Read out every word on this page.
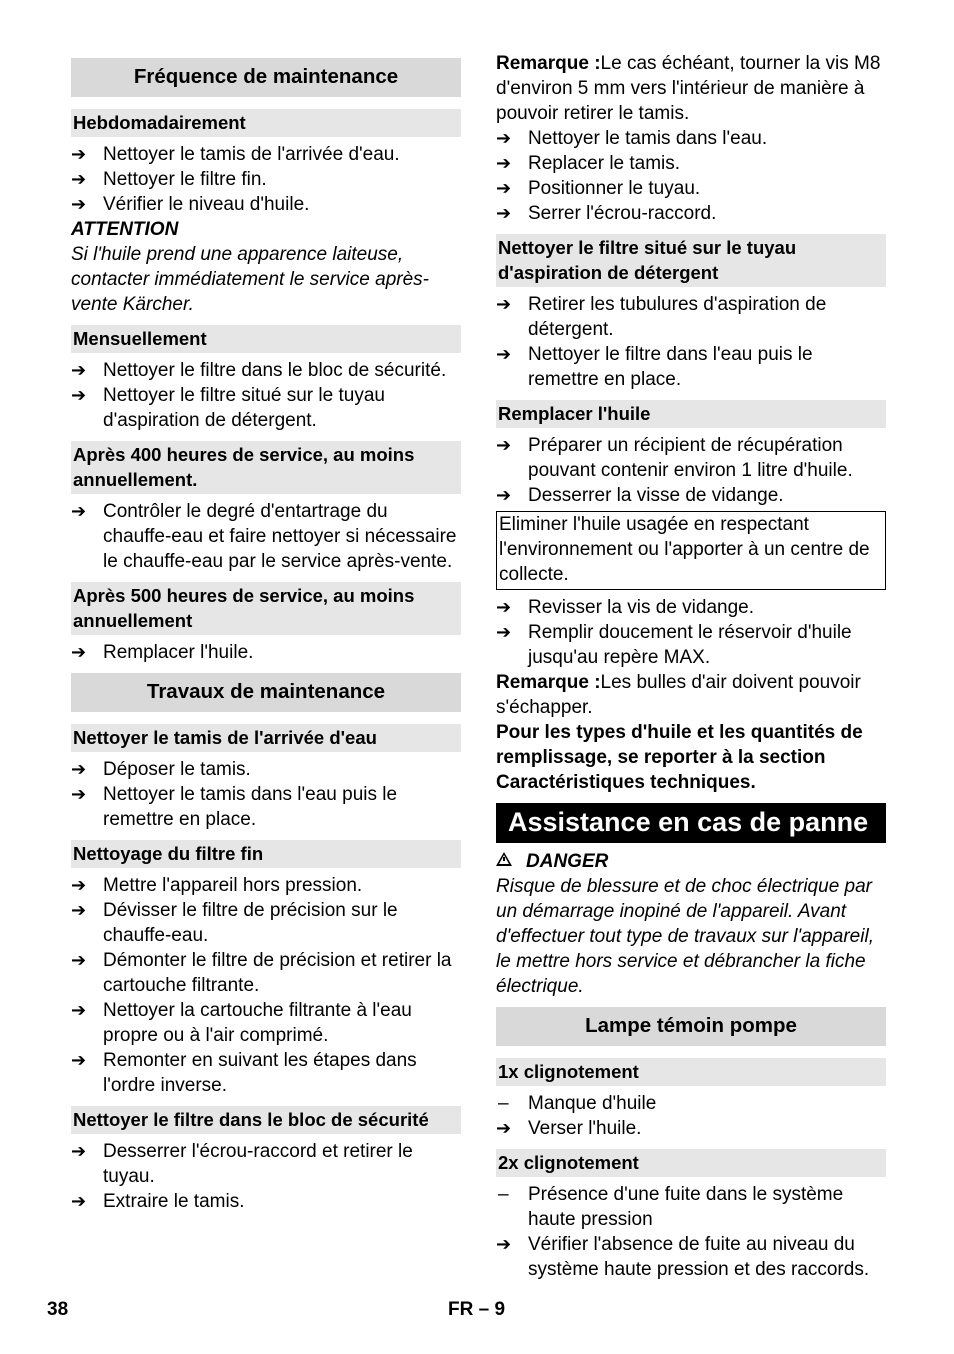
Fréquence de maintenance
Hebdomadairement
➔ Nettoyer le tamis de l'arrivée d'eau.
➔ Nettoyer le filtre fin.
➔ Vérifier le niveau d'huile.
ATTENTION
Si l'huile prend une apparence laiteuse, contacter immédiatement le service après-vente Kärcher.
Mensuellement
➔ Nettoyer le filtre dans le bloc de sécurité.
➔ Nettoyer le filtre situé sur le tuyau d'aspiration de détergent.
Après 400 heures de service, au moins annuellement.
➔ Contrôler le degré d'entartrage du chauffe-eau et faire nettoyer si nécessaire le chauffe-eau par le service après-vente.
Après 500 heures de service, au moins annuellement
➔ Remplacer l'huile.
Travaux de maintenance
Nettoyer le tamis de l'arrivée d'eau
➔ Déposer le tamis.
➔ Nettoyer le tamis dans l'eau puis le remettre en place.
Nettoyage du filtre fin
➔ Mettre l'appareil hors pression.
➔ Dévisser le filtre de précision sur le chauffe-eau.
➔ Démonter le filtre de précision et retirer la cartouche filtrante.
➔ Nettoyer la cartouche filtrante à l'eau propre ou à l'air comprimé.
➔ Remonter en suivant les étapes dans l'ordre inverse.
Nettoyer le filtre dans le bloc de sécurité
➔ Desserrer l'écrou-raccord et retirer le tuyau.
➔ Extraire le tamis.
Remarque :Le cas échéant, tourner la vis M8 d'environ 5 mm vers l'intérieur de manière à pouvoir retirer le tamis.
➔ Nettoyer le tamis dans l'eau.
➔ Replacer le tamis.
➔ Positionner le tuyau.
➔ Serrer l'écrou-raccord.
Nettoyer le filtre situé sur le tuyau d'aspiration de détergent
➔ Retirer les tubulures d'aspiration de détergent.
➔ Nettoyer le filtre dans l'eau puis le remettre en place.
Remplacer l'huile
➔ Préparer un récipient de récupération pouvant contenir environ 1 litre d'huile.
➔ Desserrer la visse de vidange.
Eliminer l'huile usagée en respectant l'environnement ou l'apporter à un centre de collecte.
➔ Revisser la vis de vidange.
➔ Remplir doucement le réservoir d'huile jusqu'au repère MAX.
Remarque :Les bulles d'air doivent pouvoir s'échapper.
Pour les types d'huile et les quantités de remplissage, se reporter à la section Caractéristiques techniques.
Assistance en cas de panne
DANGER
Risque de blessure et de choc électrique par un démarrage inopiné de l'appareil. Avant d'effectuer tout type de travaux sur l'appareil, le mettre hors service et débrancher la fiche électrique.
Lampe témoin pompe
1x clignotement
–	Manque d'huile
➔ Verser l'huile.
2x clignotement
–	Présence d'une fuite dans le système haute pression
➔ Vérifier l'absence de fuite au niveau du système haute pression et des raccords.
38	FR – 9
